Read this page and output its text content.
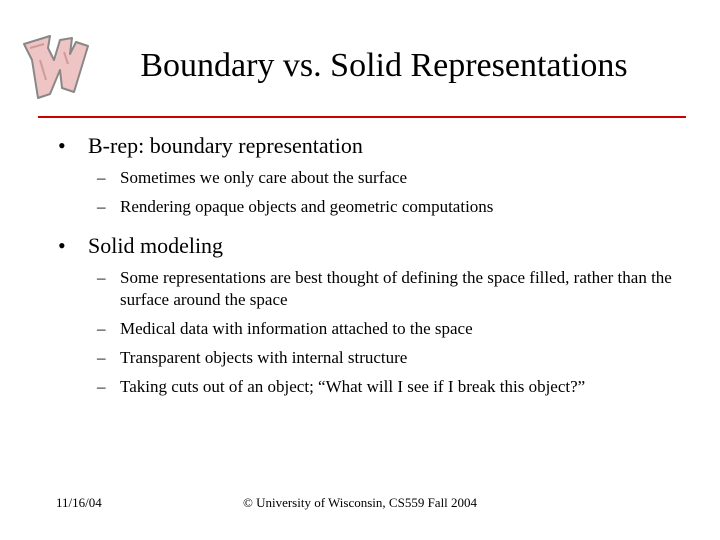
Boundary vs. Solid Representations
• B-rep: boundary representation
– Sometimes we only care about the surface
– Rendering opaque objects and geometric computations
• Solid modeling
– Some representations are best thought of defining the space filled, rather than the surface around the space
– Medical data with information attached to the space
– Transparent objects with internal structure
– Taking cuts out of an object; “What will I see if I break this object?”
11/16/04	© University of Wisconsin, CS559 Fall 2004
